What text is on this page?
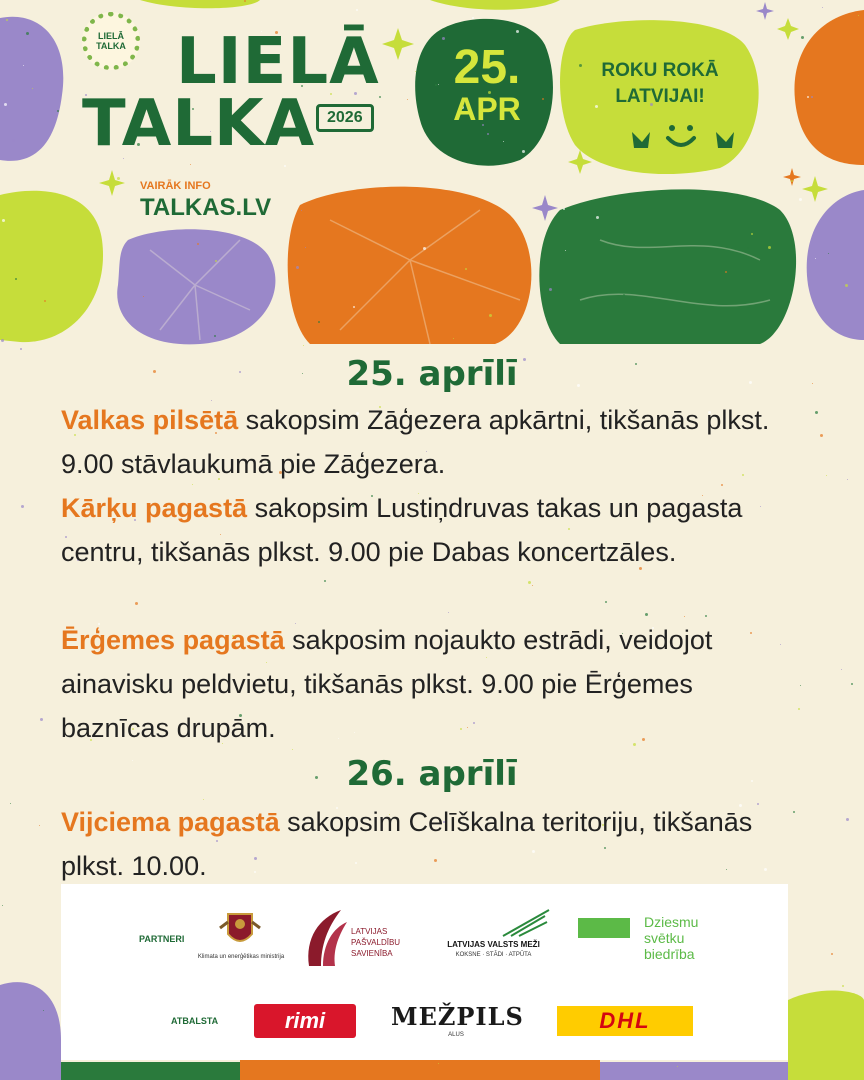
LIELĀ
TALKA LIELĀ
TALKA 2026
VAIRĀK INFO
TALKAS.LV
25.
APR
ROKU ROKĀ
LATVIJAI!
25. aprīlī
Valkas pilsētā sakopsim Zāģezera apkārtni, tikšanās plkst. 9.00 stāvlaukumā pie Zāģezera.
Kārķu pagastā sakopsim Lustiņdruvas takas un pagasta centru, tikšanās plkst. 9.00 pie Dabas koncertzāles.
Ērģemes pagastā sakposim nojaukto estrādi, veidojot ainavisku peldvietu, tikšanās plkst. 9.00 pie Ērģemes baznīcas drupām.
26. aprīlī
Vijciema pagastā sakopsim Celīškalna teritoriju, tikšanās plkst. 10.00.
PARTNERI
ATBALSTA
Klimata un enerģētikas ministrija
LATVIJAS
PAŠVALDĪBU
SAVIENĪBA
LATVIJAS VALSTS MEŽI
KOKSNE · STĀDI · ATPŪTA
Dziesmu
svētku
biedrība
rimi	MEŽPILS
ALUS
DHL
